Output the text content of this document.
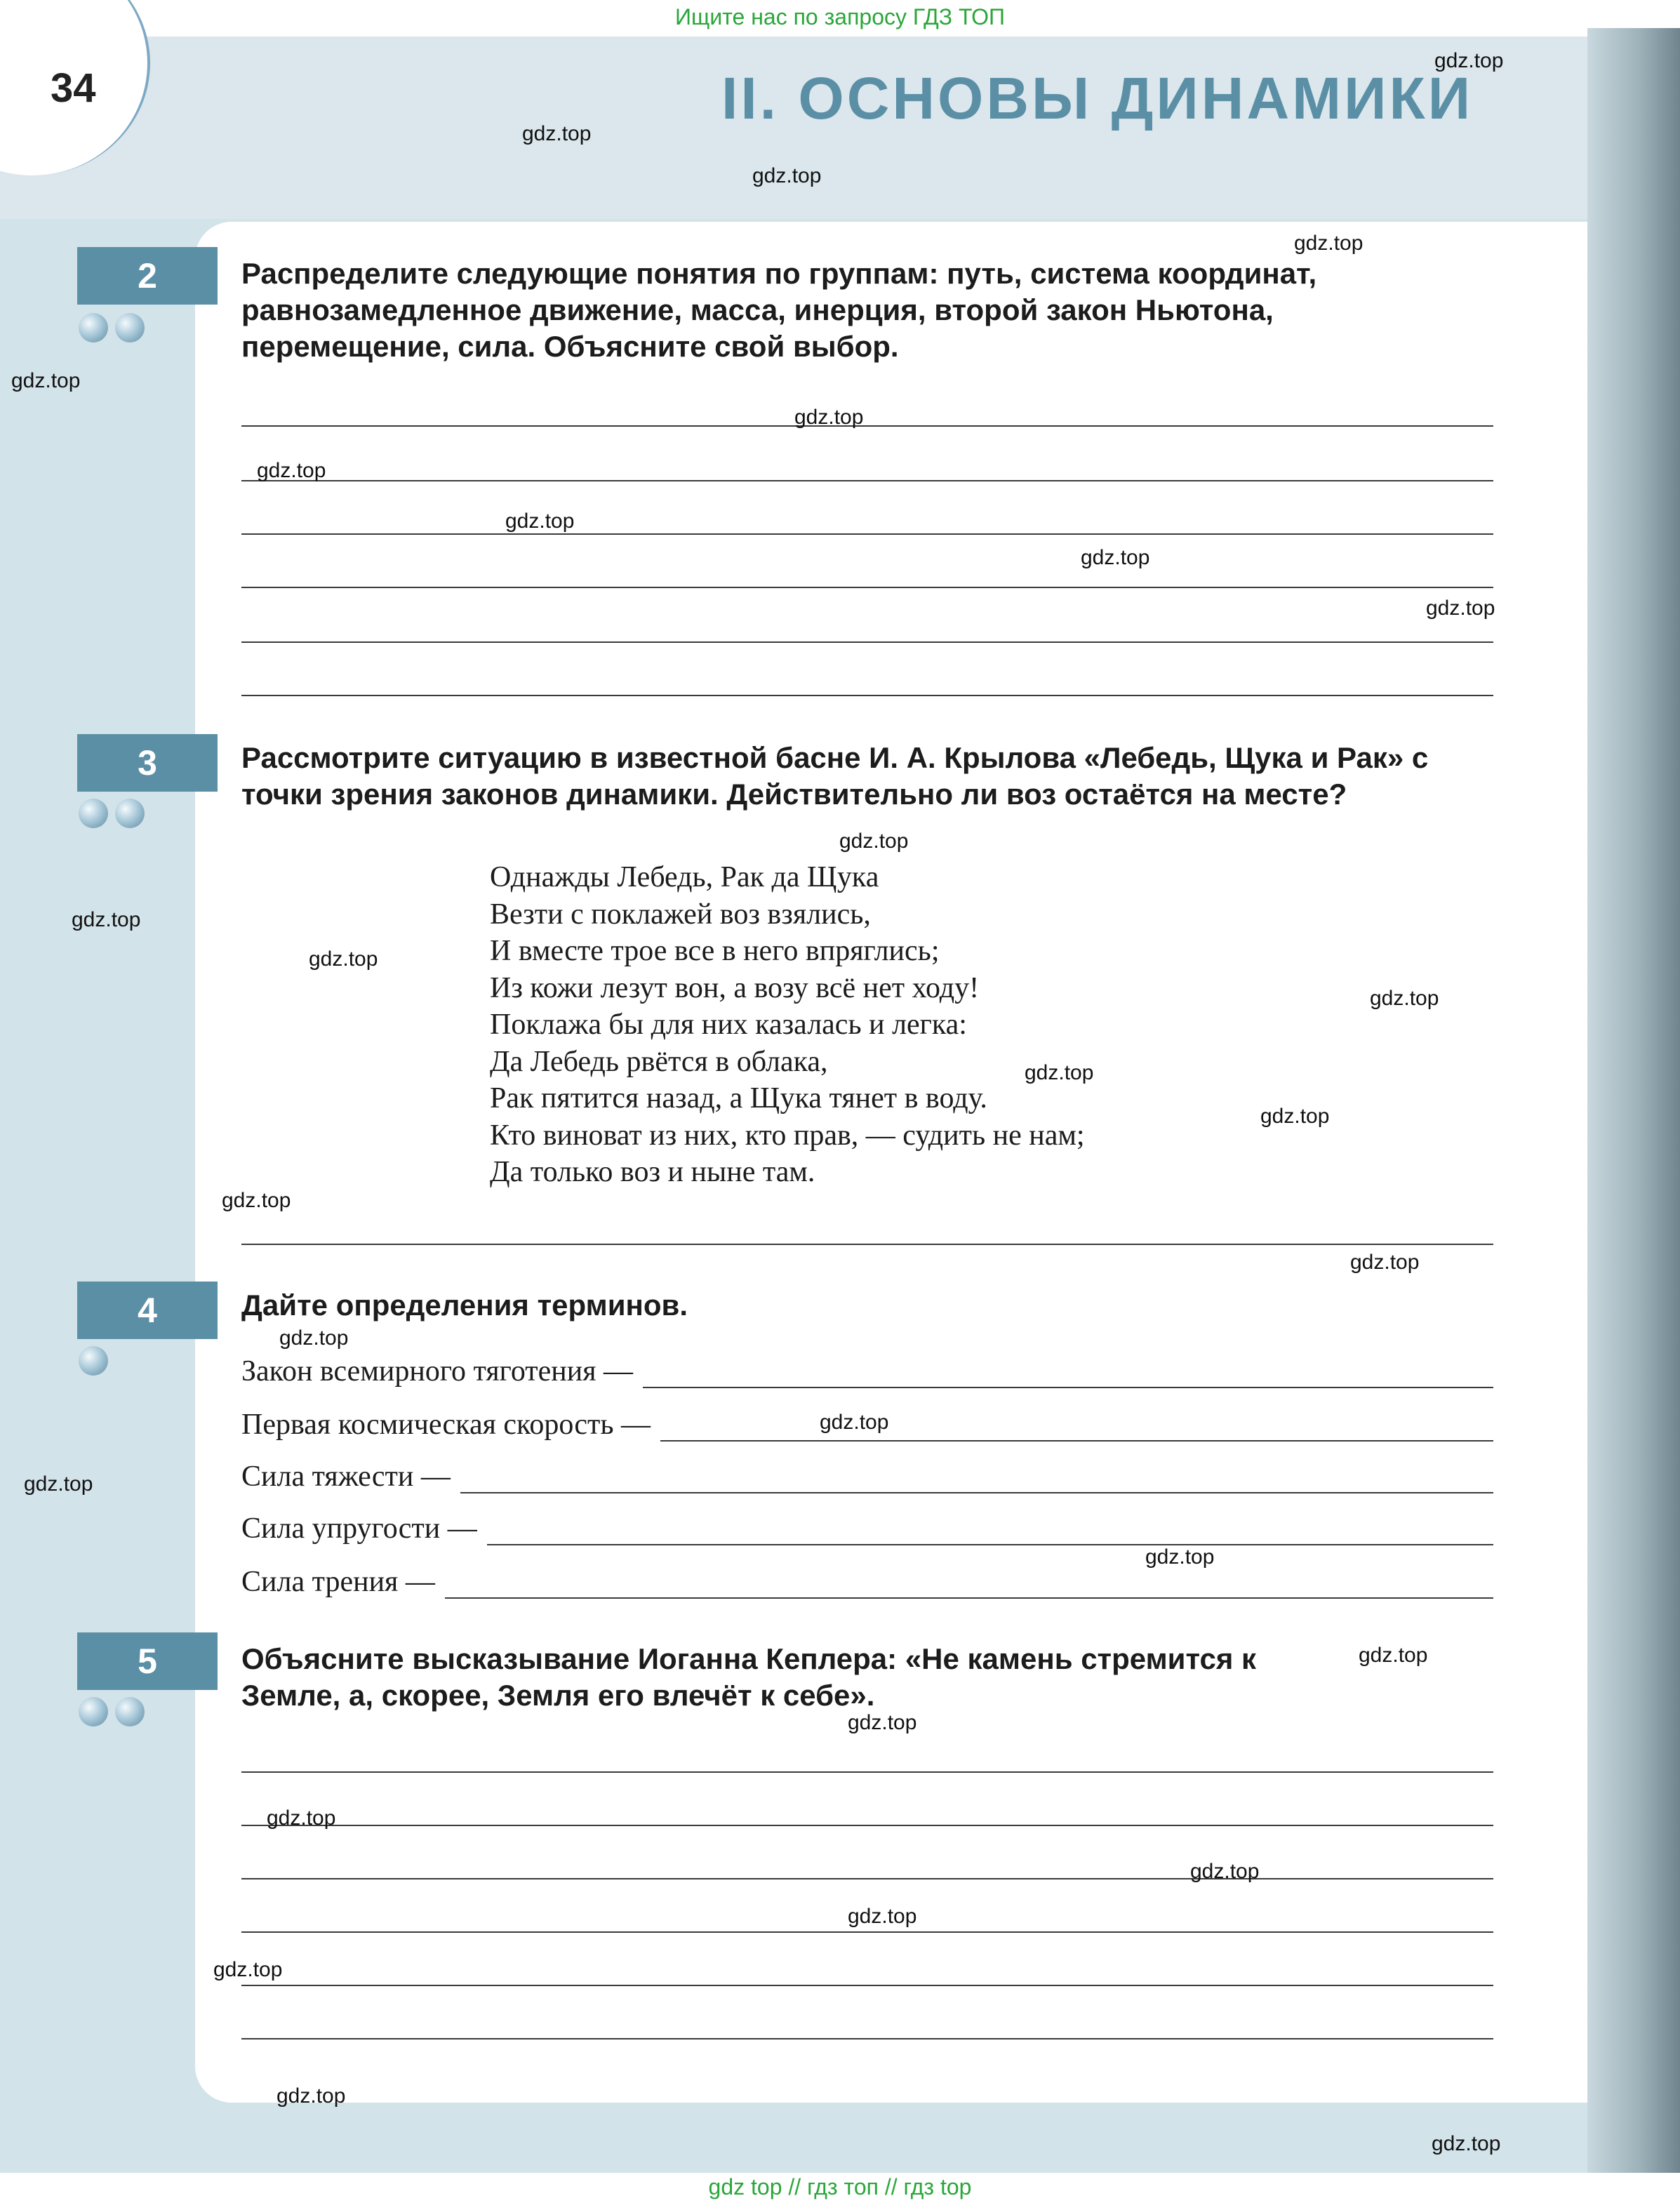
Ищите нас по запросу ГДЗ ТОП
34	II. ОСНОВЫ ДИНАМИКИ
2	Распределите следующие понятия по группам: путь, система координат, равнозамедленное движение, масса, инерция, второй закон Ньютона, перемещение, сила. Объясните свой выбор.
3	Рассмотрите ситуацию в известной басне И. А. Крылова «Лебедь, Щука и Рак» с точки зрения законов динамики. Действительно ли воз остаётся на месте?
Однажды Лебедь, Рак да Щука
Везти с поклажей воз взялись,
И вместе трое все в него впряглись;
Из кожи лезут вон, а возу всё нет ходу!
Поклажа бы для них казалась и легка:
Да Лебедь рвётся в облака,
Рак пятится назад, а Щука тянет в воду.
Кто виноват из них, кто прав, — судить не нам;
Да только воз и ныне там.
4	Дайте определения терминов.
Закон всемирного тяготения —
Первая космическая скорость —
Сила тяжести —
Сила упругости —
Сила трения —
5	Объясните высказывание Иоганна Кеплера: «Не камень стремится к Земле, а, скорее, Земля его влечёт к себе».
gdz.top
gdz.top
gdz.top
gdz.top
gdz.top
gdz.top
gdz.top
gdz.top
gdz.top
gdz.top
gdz.top
gdz.top
gdz.top
gdz.top
gdz.top
gdz.top
gdz.top
gdz.top
gdz.top
gdz.top
gdz.top
gdz.top
gdz.top
gdz.top
gdz.top
gdz.top
gdz.top
gdz.top
gdz.top
gdz.top
gdz top // гдз топ // гдз top
